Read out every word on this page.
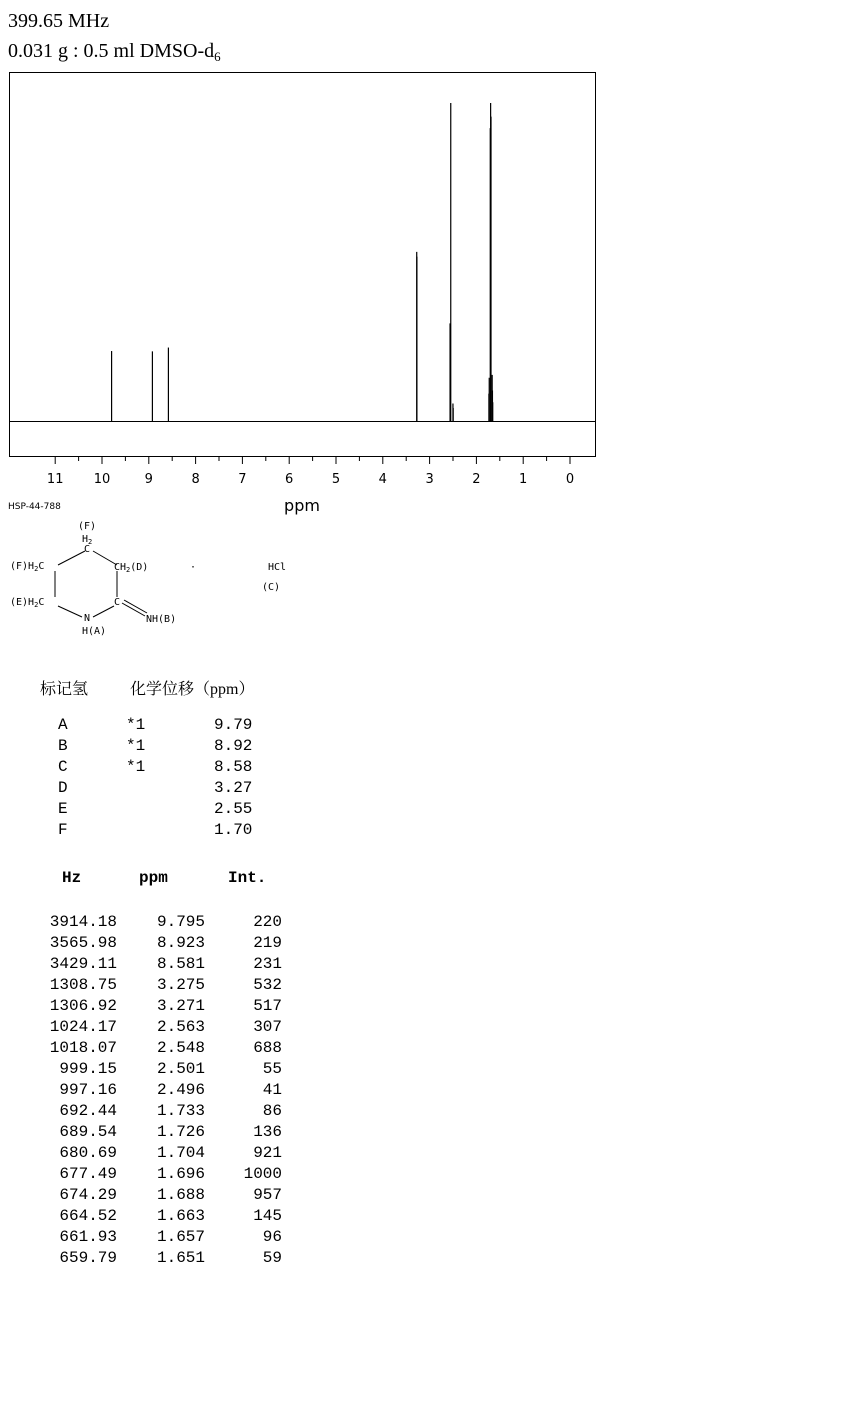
399.65 MHz
0.031 g : 0.5 ml DMSO-$d_6$
11 10	9	8	7	6	5	4	3	2	1	0
ppm
HSP-44-788
(F)
$H_2$
C
$(F)H_2C$	$CH_2(D)$
$(E)H_2C$	C
N
H(A)
NH(B)
·	HCl
(C)
标记氢	化学位移（ppm）
A	*1	9.79
B	*1	8.92
C	*1	8.58
D	3.27
E	2.55
F	1.70
Hz	ppm	Int.
3914.18	9.795	220
3565.98	8.923	219
3429.11	8.581	231
1308.75	3.275	532
1306.92	3.271	517
1024.17	2.563	307
1018.07	2.548	688
999.15	2.501	55
997.16	2.496	41
692.44	1.733	86
689.54	1.726	136
680.69	1.704	921
677.49	1.696	1000
674.29	1.688	957
664.52	1.663	145
661.93	1.657	96
659.79	1.651	59
